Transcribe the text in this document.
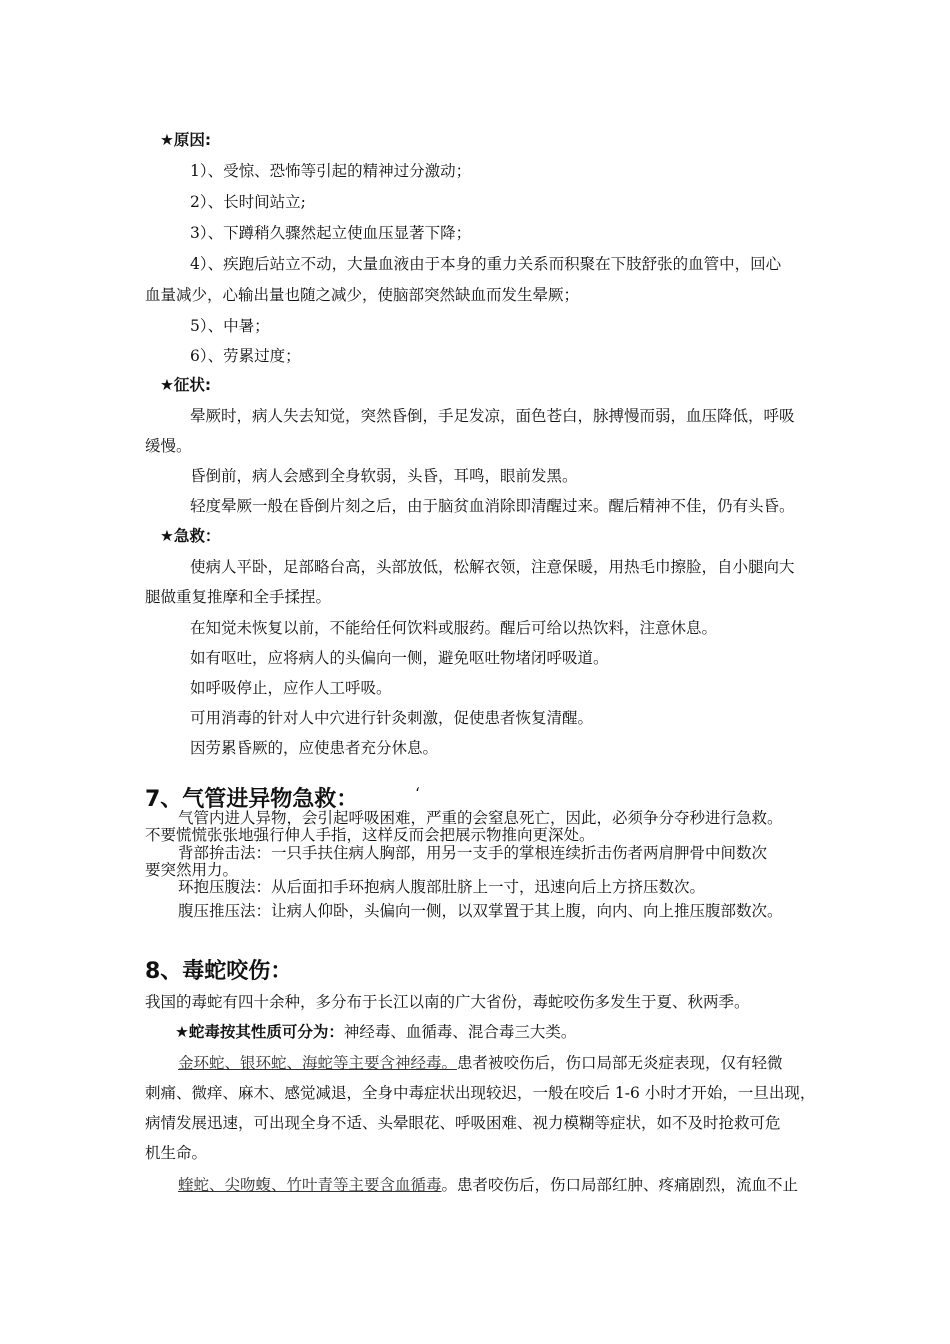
★原因:
1）、受惊、恐怖等引起的精神过分激动；
2）、长时间站立;
3）、下蹲稍久骤然起立使血压显著下降；
4）、疾跑后站立不动，大量血液由于本身的重力关系而积聚在下肢舒张的血管中，回心
血量减少，心输出量也随之减少，使脑部突然缺血而发生晕厥；
5）、中暑；
6）、劳累过度；
★征状:
晕厥时，病人失去知觉，突然昏倒，手足发凉，面色苍白，脉搏慢而弱，血压降低，呼吸
缓慢。
昏倒前，病人会感到全身软弱，头昏，耳鸣，眼前发黑。
轻度晕厥一般在昏倒片刻之后，由于脑贫血消除即清醒过来。醒后精神不佳，仍有头昏。
★急救：
使病人平卧，足部略台高，头部放低，松解衣领，注意保暖，用热毛巾擦脸，自小腿向大
腿做重复推摩和全手揉捏。
在知觉未恢复以前，不能给任何饮料或服药。醒后可给以热饮料，注意休息。
如有呕吐，应将病人的头偏向一侧，避免呕吐物堵闭呼吸道。
如呼吸停止，应作人工呼吸。
可用消毒的针对人中穴进行针灸刺激，促使患者恢复清醒。
因劳累昏厥的，应使患者充分休息。
7、气管进异物急救：	‘
气管内进人异物，会引起呼吸困难，严重的会窒息死亡，因此，必须争分夺秒进行急救。
不要慌慌张张地强行伸人手指，这样反而会把展示物推向更深处。
背部拚击法：一只手扶住病人胸部，用另一支手的掌根连续折击伤者两肩胛骨中间数次
要突然用力。
环抱压腹法：从后面扣手环抱病人腹部肚脐上一寸，迅速向后上方挤压数次。
腹压推压法：让病人仰卧，头偏向一侧，以双掌置于其上腹，向内、向上推压腹部数次。
8、毒蛇咬伤：
我国的毒蛇有四十余种，多分布于长江以南的广大省份，毒蛇咬伤多发生于夏、秋两季。
★蛇毒按其性质可分为：神经毒、血循毒、混合毒三大类。
金环蛇、银环蛇、海蛇等主要含神经毒。患者被咬伤后，伤口局部无炎症表现，仅有轻微
刺痛、微痒、麻木、感觉减退，全身中毒症状出现较迟，一般在咬后 1-6 小时才开始，一旦出现，
病情发展迅速，可出现全身不适、头晕眼花、呼吸困难、视力模糊等症状，如不及时抢救可危
机生命。
蝰蛇、尖吻蝮、竹叶青等主要含血循毒。患者咬伤后，伤口局部红肿、疼痛剧烈，流血不止
